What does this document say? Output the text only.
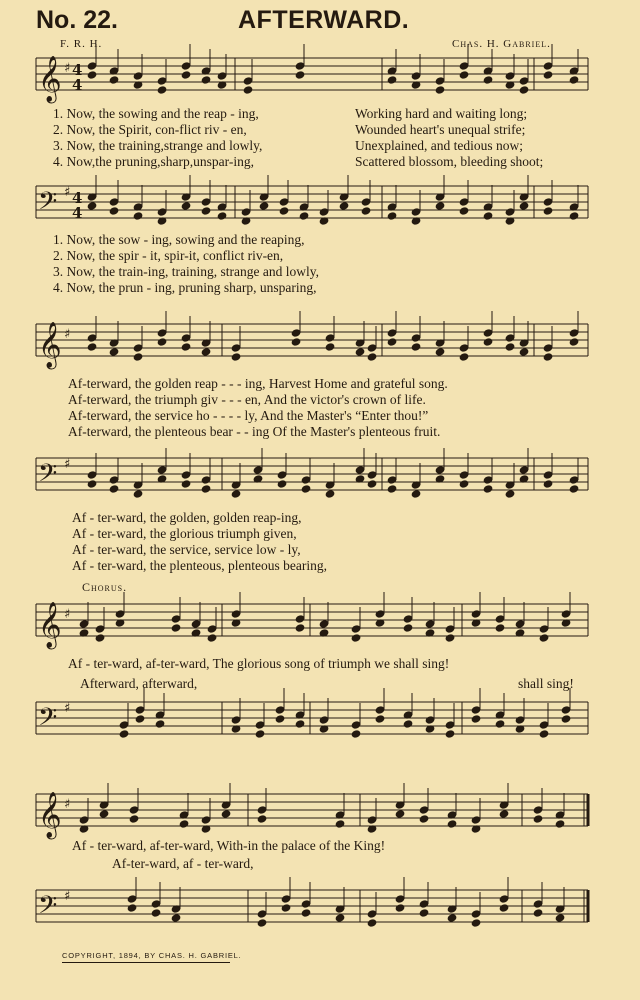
No. 22.	AFTERWARD.
F. R. H.	Chas. H. Gabriel.
𝄞
𝄢
𝄞
𝄢
𝄞
𝄢
𝄞
𝄢
♯
♯
♯
♯
♯
♯
♯
♯
4
4
4
4
1. Now, the sowing and the reap - ing,	Working hard and waiting long;
2. Now, the Spirit, con-flict riv - en,	Wounded heart's unequal strife;
3. Now, the training,strange and lowly,	Unexplained, and tedious now;
4. Now,the pruning,sharp,unspar-ing,	Scattered blossom, bleeding shoot;
1. Now, the sow - ing, sowing and the reaping,
2. Now, the spir - it, spir-it, conflict riv-en,
3. Now, the train-ing, training, strange and lowly,
4. Now, the prun - ing, pruning sharp, unsparing,
Af-terward, the golden reap - - - ing, Harvest Home and grateful song.
Af-terward, the triumph giv - - - en, And the victor's crown of life.
Af-terward, the service ho - - - - ly, And the Master's “Enter thou!”
Af-terward, the plenteous bear - - ing Of the Master's plenteous fruit.
Af - ter-ward, the golden, golden reap-ing,
Af - ter-ward, the glorious triumph given,
Af - ter-ward, the service, service low - ly,
Af - ter-ward, the plenteous, plenteous bearing,
Chorus.
Af - ter-ward, af-ter-ward, The glorious song of triumph we shall sing!
Afterward, afterward,	shall sing!
Af - ter-ward, af-ter-ward, With-in the palace of the King!
Af-ter-ward, af - ter-ward,
COPYRIGHT, 1894, BY CHAS. H. GABRIEL.
